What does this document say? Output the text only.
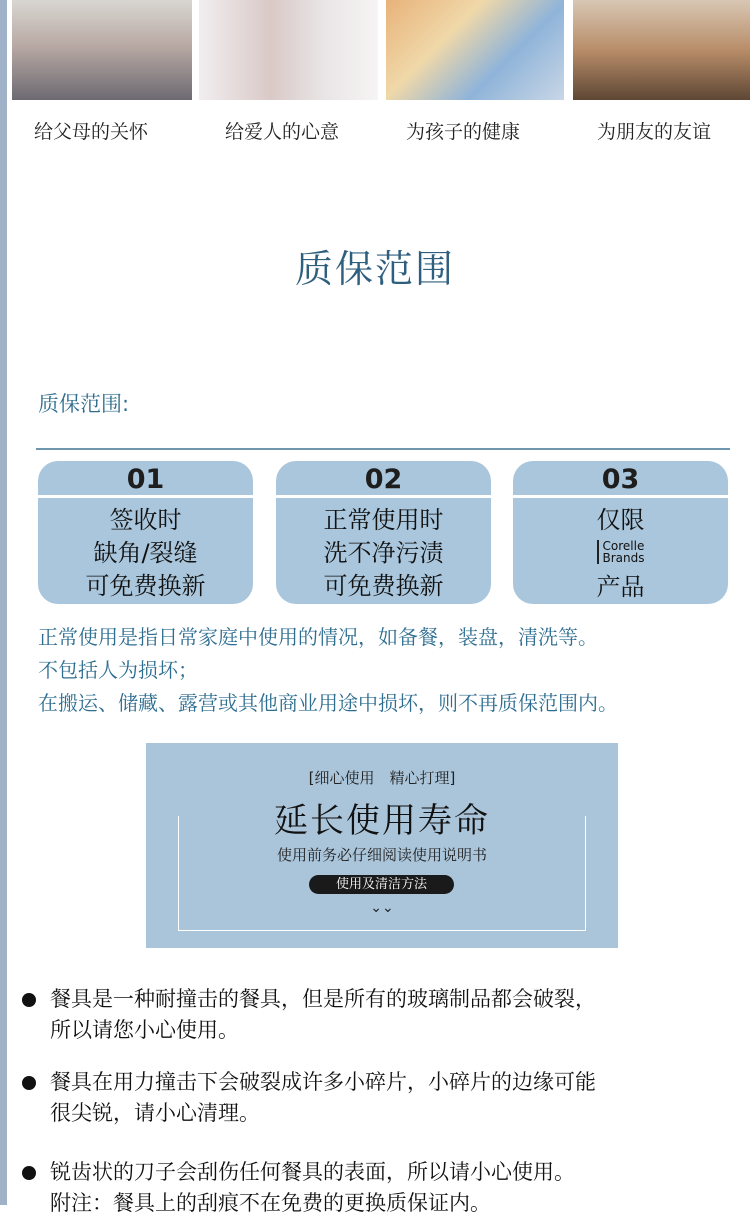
给父母的关怀	给爱人的心意	为孩子的健康	为朋友的友谊
质保范围
质保范围:
01
签收时
缺角/裂缝
可免费换新
02
正常使用时
洗不净污渍
可免费换新
03
仅限
Corelle
Brands
产品
正常使用是指日常家庭中使用的情况，如备餐，装盘，清洗等。
不包括人为损坏；
在搬运、储藏、露营或其他商业用途中损坏，则不再质保范围内。
[细心使用　精心打理]
延长使用寿命
使用前务必仔细阅读使用说明书
使用及清洁方法
⌄⌄
餐具是一种耐撞击的餐具，但是所有的玻璃制品都会破裂，
所以请您小心使用。
餐具在用力撞击下会破裂成许多小碎片，小碎片的边缘可能
很尖锐，请小心清理。
锐齿状的刀子会刮伤任何餐具的表面，所以请小心使用。
附注：餐具上的刮痕不在免费的更换质保证内。
